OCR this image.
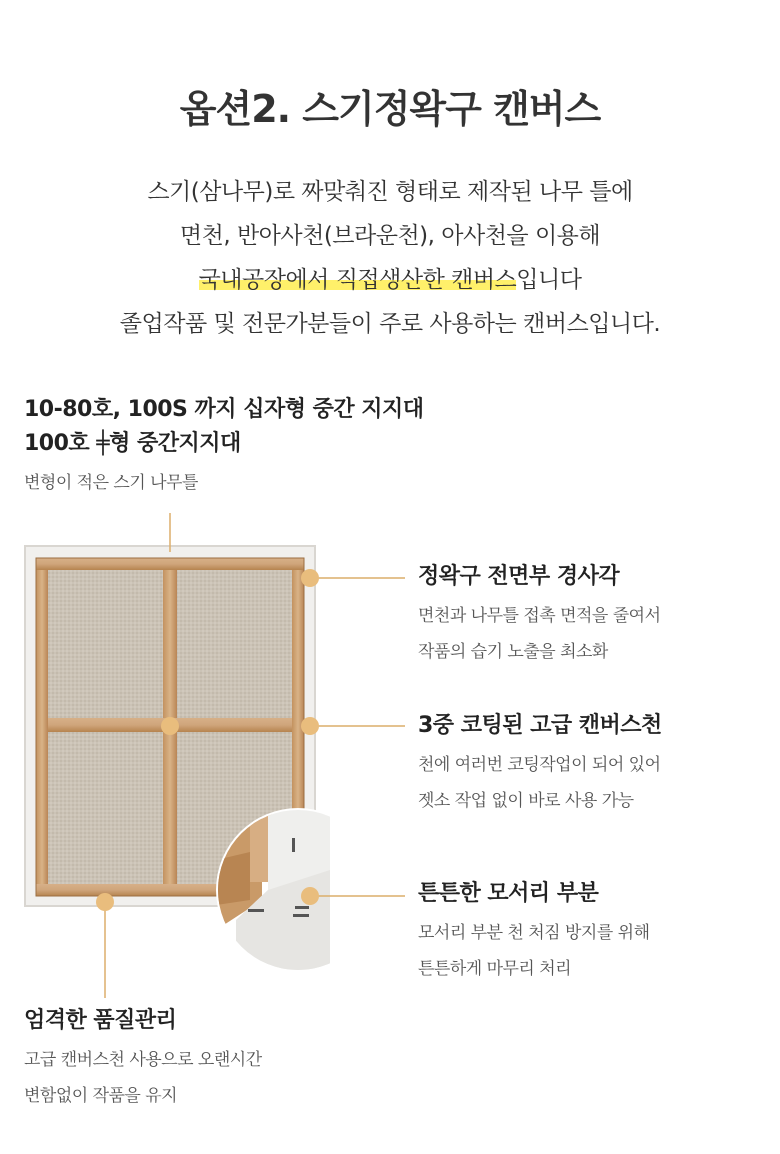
옵션2. 스기정왁구 캔버스
스기(삼나무)로 짜맞춰진 형태로 제작된 나무 틀에
면천, 반아사천(브라운천), 아사천을 이용해
국내공장에서 직접생산한 캔버스입니다
졸업작품 및 전문가분들이 주로 사용하는 캔버스입니다.
10-80호, 100S 까지 십자형 중간 지지대
100호 ╪형 중간지지대
변형이 적은 스기 나무틀
정왁구 전면부 경사각
면천과 나무틀 접촉 면적을 줄여서
작품의 습기 노출을 최소화
3중 코팅된 고급 캔버스천
천에 여러번 코팅작업이 되어 있어
젯소 작업 없이 바로 사용 가능
튼튼한 모서리 부분
모서리 부분 천 처짐 방지를 위해
튼튼하게 마무리 처리
엄격한 품질관리
고급 캔버스천 사용으로 오랜시간
변함없이 작품을 유지
